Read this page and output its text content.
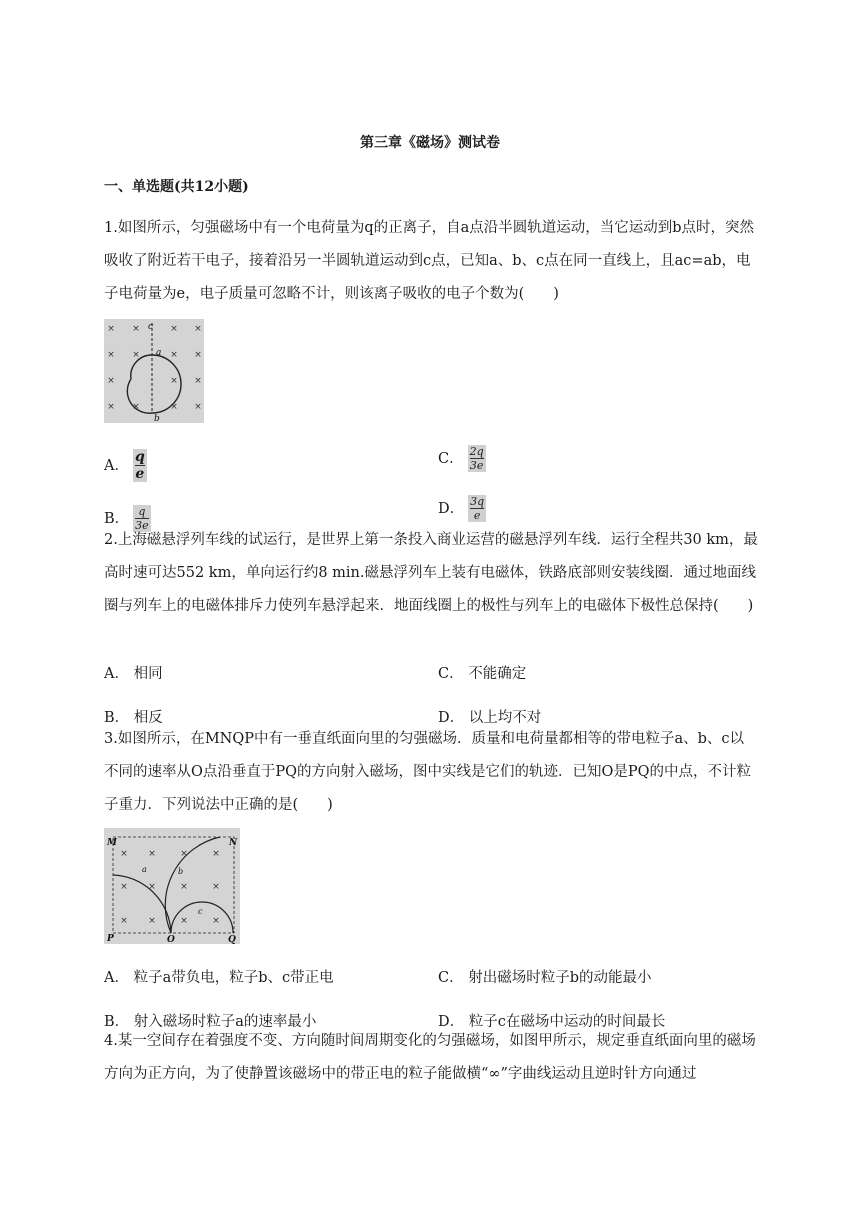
第三章《磁场》测试卷
一、单选题(共12小题)
1.如图所示，匀强磁场中有一个电荷量为q的正离子，自a点沿半圆轨道运动，当它运动到b点时，突然吸收了附近若干电子，接着沿另一半圆轨道运动到c点，已知a、b、c点在同一直线上，且ac=ab，电子电荷量为e，电子质量可忽略不计，则该离子吸收的电子个数为(　　)
× ×	× ×
× ×	× ×
×	× ×
× ×	× ×
c
a
b
A． $\frac{q}{e}$
B． $\frac{q}{3e}$
C． $\frac{2q}{3e}$
D． $\frac{3q}{e}$
2.上海磁悬浮列车线的试运行，是世界上第一条投入商业运营的磁悬浮列车线．运行全程共30 km，最高时速可达552 km，单向运行约8 min.磁悬浮列车上装有电磁体，铁路底部则安装线圈．通过地面线圈与列车上的电磁体排斥力使列车悬浮起来．地面线圈上的极性与列车上的电磁体下极性总保持(　　)
A． 相同	C． 不能确定
B． 相反	D． 以上均不对
3.如图所示，在MNQP中有一垂直纸面向里的匀强磁场．质量和电荷量都相等的带电粒子a、b、c以不同的速率从O点沿垂直于PQ的方向射入磁场，图中实线是它们的轨迹．已知O是PQ的中点，不计粒子重力．下列说法中正确的是(　　)
× ×	×	×
× ×	×	×
× ×	×	×
M	N
P	O	Q
a	b
c
A． 粒子a带负电，粒子b、c带正电	C． 射出磁场时粒子b的动能最小
B． 射入磁场时粒子a的速率最小	D． 粒子c在磁场中运动的时间最长
4.某一空间存在着强度不变、方向随时间周期变化的匀强磁场，如图甲所示，规定垂直纸面向里的磁场方向为正方向，为了使静置该磁场中的带正电的粒子能做横“∞”字曲线运动且逆时针方向通过
